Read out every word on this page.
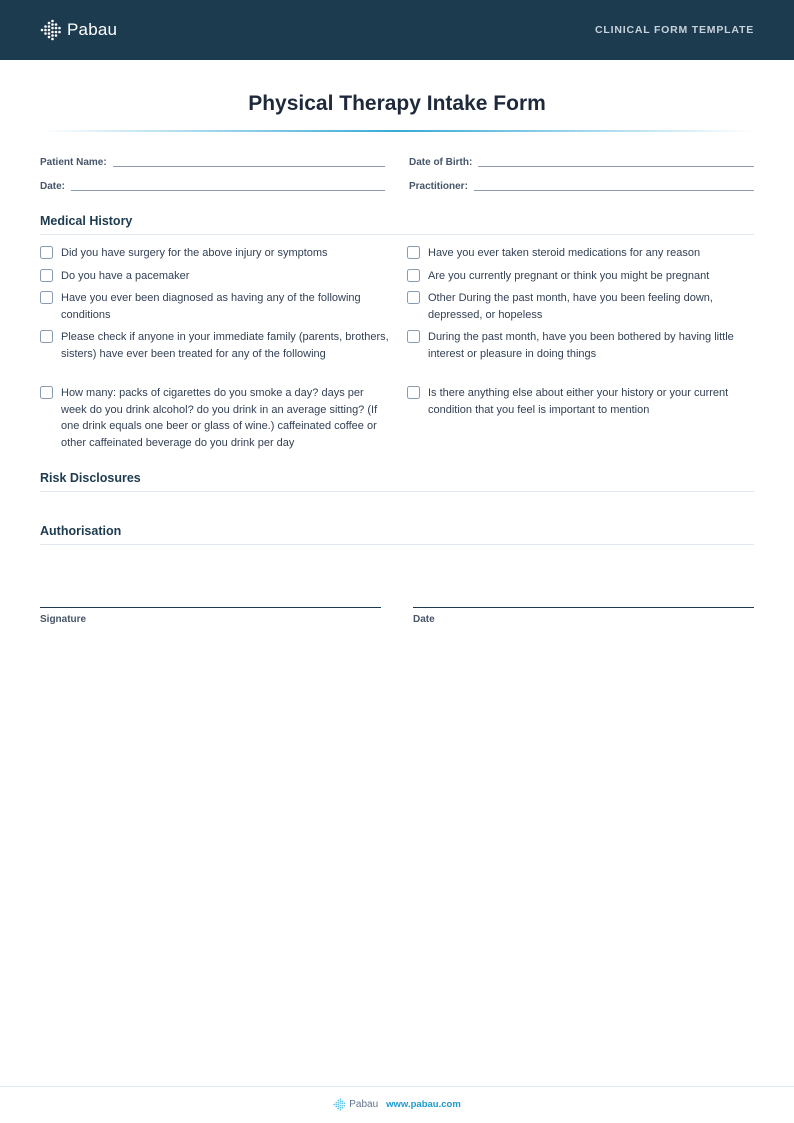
Pabau	CLINICAL FORM TEMPLATE
Physical Therapy Intake Form
Patient Name:	Date of Birth:
Date:	Practitioner:
Medical History
Did you have surgery for the above injury or symptoms
Do you have a pacemaker
Have you ever been diagnosed as having any of the following conditions
Please check if anyone in your immediate family (parents, brothers, sisters) have ever been treated for any of the following
How many: packs of cigarettes do you smoke a day? days per week do you drink alcohol? do you drink in an average sitting? (If one drink equals one beer or glass of wine.) caffeinated coffee or other caffeinated beverage do you drink per day
Have you ever taken steroid medications for any reason
Are you currently pregnant or think you might be pregnant
Other During the past month, have you been feeling down, depressed, or hopeless
During the past month, have you been bothered by having little interest or pleasure in doing things
Is there anything else about either your history or your current condition that you feel is important to mention
Risk Disclosures
Authorisation
Signature	Date
Pabau www.pabau.com
